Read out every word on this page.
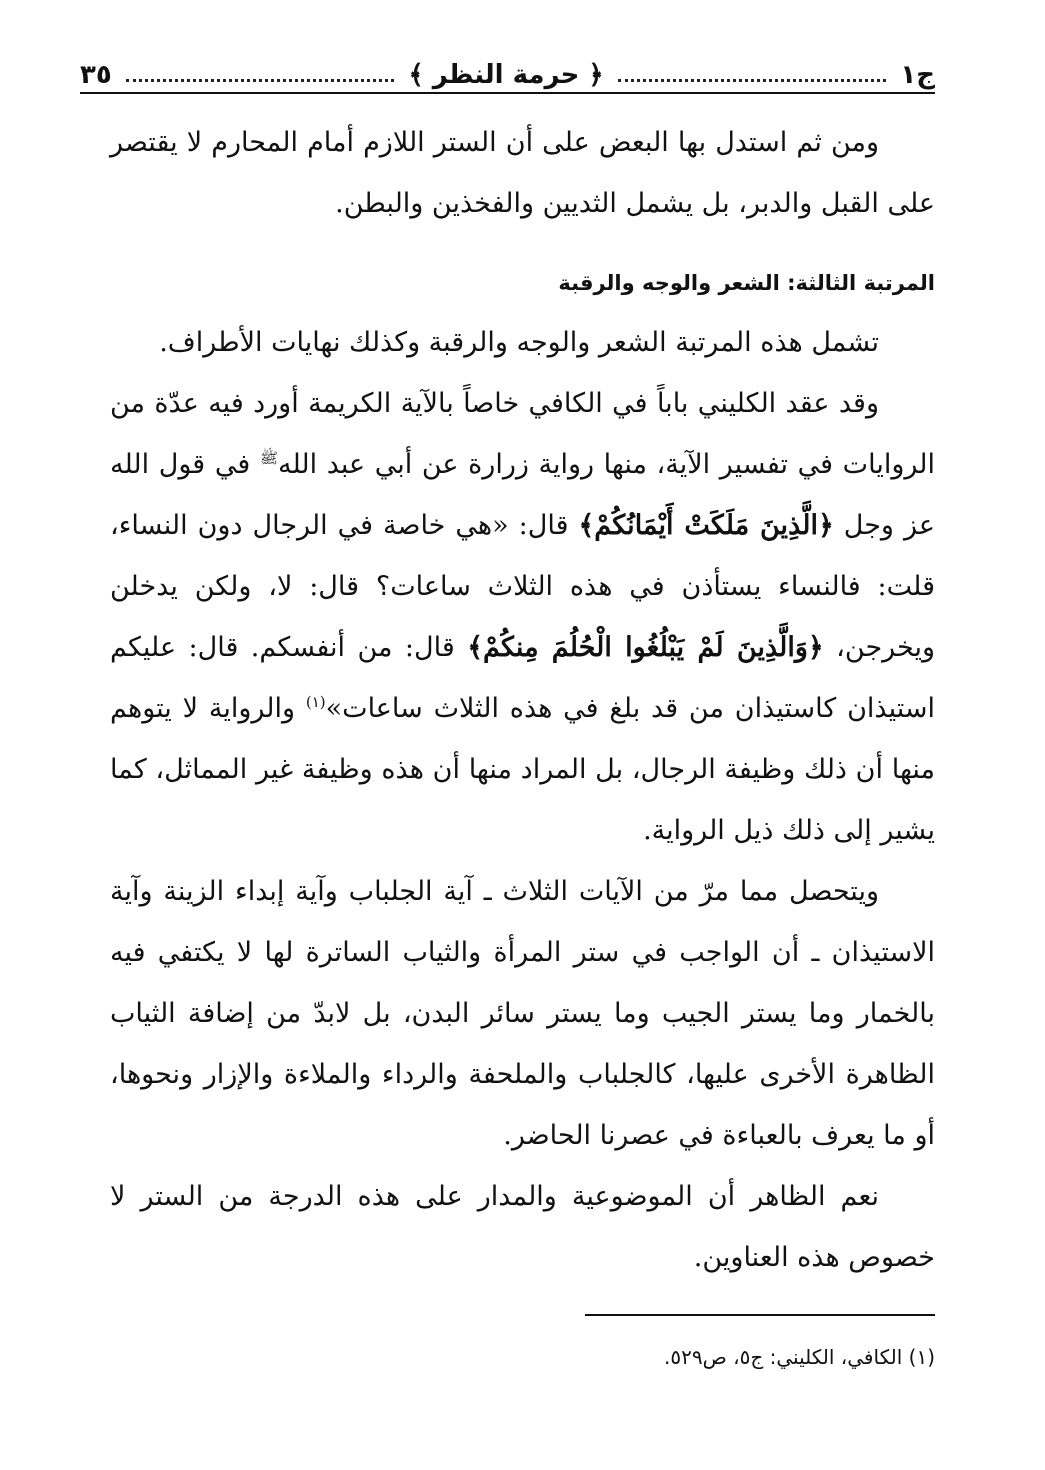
ج١
﴿ حرمة النظر ﴾
٣٥

ومن ثم استدل بها البعض على أن الستر اللازم أمام المحارم لا يقتصر على القبل والدبر، بل يشمل الثديين والفخذين والبطن.

المرتبة الثالثة: الشعر والوجه والرقبة

تشمل هذه المرتبة الشعر والوجه والرقبة وكذلك نهايات الأطراف.

وقد عقد الكليني باباً في الكافي خاصاً بالآية الكريمة أورد فيه عدّة من الروايات في تفسير الآية، منها رواية زرارة عن أبي عبد الله$^ﷺ$ في قول الله عز وجل ﴿الَّذِينَ مَلَكَتْ أَيْمَانُكُمْ﴾ قال: «هي خاصة في الرجال دون النساء، قلت: فالنساء يستأذن في هذه الثلاث ساعات؟ قال: لا، ولكن يدخلن ويخرجن، ﴿وَالَّذِينَ لَمْ يَبْلُغُوا الْحُلُمَ مِنكُمْ﴾ قال: من أنفسكم. قال: عليكم استيذان كاستيذان من قد بلغ في هذه الثلاث ساعات»$^{(١)}$ والرواية لا يتوهم منها أن ذلك وظيفة الرجال، بل المراد منها أن هذه وظيفة غير المماثل، كما يشير إلى ذلك ذيل الرواية.

ويتحصل مما مرّ من الآيات الثلاث ـ آية الجلباب وآية إبداء الزينة وآية الاستيذان ـ أن الواجب في ستر المرأة والثياب الساترة لها لا يكتفي فيه بالخمار وما يستر الجيب وما يستر سائر البدن، بل لابدّ من إضافة الثياب الظاهرة الأخرى عليها، كالجلباب والملحفة والرداء والملاءة والإزار ونحوها، أو ما يعرف بالعباءة في عصرنا الحاضر.

نعم الظاهر أن الموضوعية والمدار على هذه الدرجة من الستر لا خصوص هذه العناوين.

(١) الكافي، الكليني: ج٥، ص٥٢٩.
